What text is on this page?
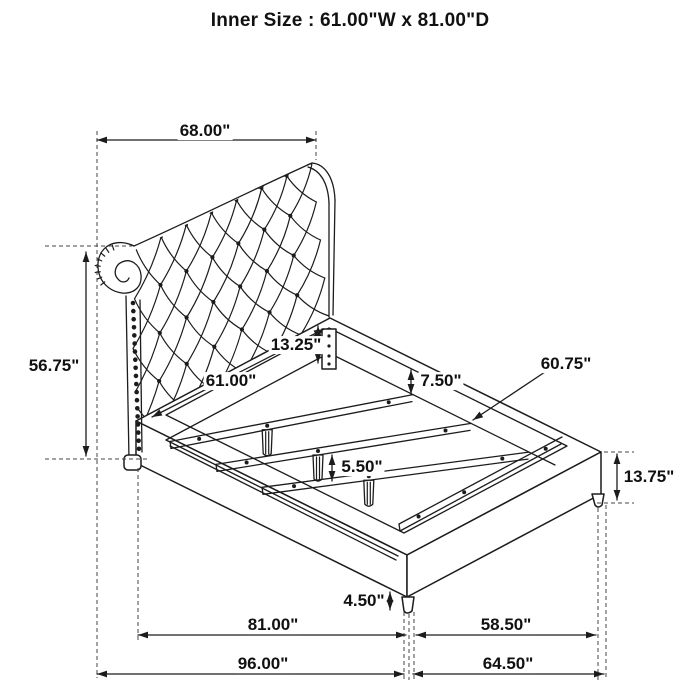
Inner Size : 61.00"W x 81.00"D
68.00"
56.75"
13.25"
61.00"	7.50"
60.75"
5.50"
13.75"
4.50"
81.00"	58.50"
96.00"	64.50"
